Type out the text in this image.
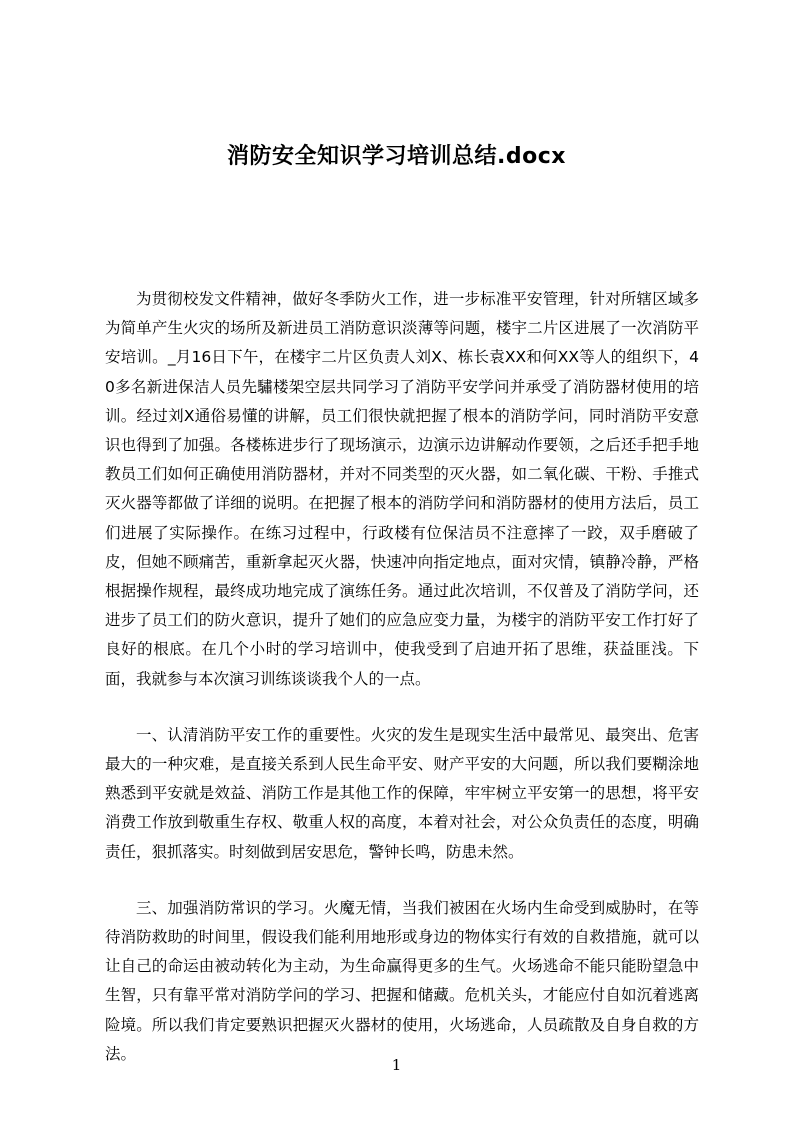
消防安全知识学习培训总结.docx

为贯彻校发文件精神，做好冬季防火工作，进一步标准平安管理，针对所辖区域多为简单产生火灾的场所及新进员工消防意识淡薄等问题，楼宇二片区进展了一次消防平安培训。_月16日下午，在楼宇二片区负责人刘X、栋长袁XX和何XX等人的组织下，40多名新进保洁人员先驌楼架空层共同学习了消防平安学问并承受了消防器材使用的培训。经过刘X通俗易懂的讲解，员工们很快就把握了根本的消防学问，同时消防平安意识也得到了加强。各楼栋进步行了现场演示，边演示边讲解动作要领，之后还手把手地教员工们如何正确使用消防器材，并对不同类型的灭火器，如二氧化碳、干粉、手推式灭火器等都做了详细的说明。在把握了根本的消防学问和消防器材的使用方法后，员工们进展了实际操作。在练习过程中，行政楼有位保洁员不注意摔了一跤，双手磨破了皮，但她不顾痛苦，重新拿起灭火器，快速冲向指定地点，面对灾情，镇静冷静，严格根据操作规程，最终成功地完成了演练任务。通过此次培训，不仅普及了消防学问，还进步了员工们的防火意识，提升了她们的应急应变力量，为楼宇的消防平安工作打好了良好的根底。在几个小时的学习培训中，使我受到了启迪开拓了思维，获益匪浅。下面，我就参与本次演习训练谈谈我个人的一点。

一、认清消防平安工作的重要性。火灾的发生是现实生活中最常见、最突出、危害最大的一种灾难，是直接关系到人民生命平安、财产平安的大问题，所以我们要糊涂地熟悉到平安就是效益、消防工作是其他工作的保障，牢牢树立平安第一的思想，将平安消费工作放到敬重生存权、敬重人权的高度，本着对社会，对公众负责任的态度，明确责任，狠抓落实。时刻做到居安思危，警钟长鸣，防患未然。

三、加强消防常识的学习。火魔无情，当我们被困在火场内生命受到威胁时，在等待消防救助的时间里，假设我们能利用地形或身边的物体实行有效的自救措施，就可以让自己的命运由被动转化为主动，为生命赢得更多的生气。火场逃命不能只能盼望急中生智，只有靠平常对消防学问的学习、把握和储藏。危机关头，才能应付自如沉着逃离险境。所以我们肯定要熟识把握灭火器材的使用，火场逃命，人员疏散及自身自救的方法。

1
